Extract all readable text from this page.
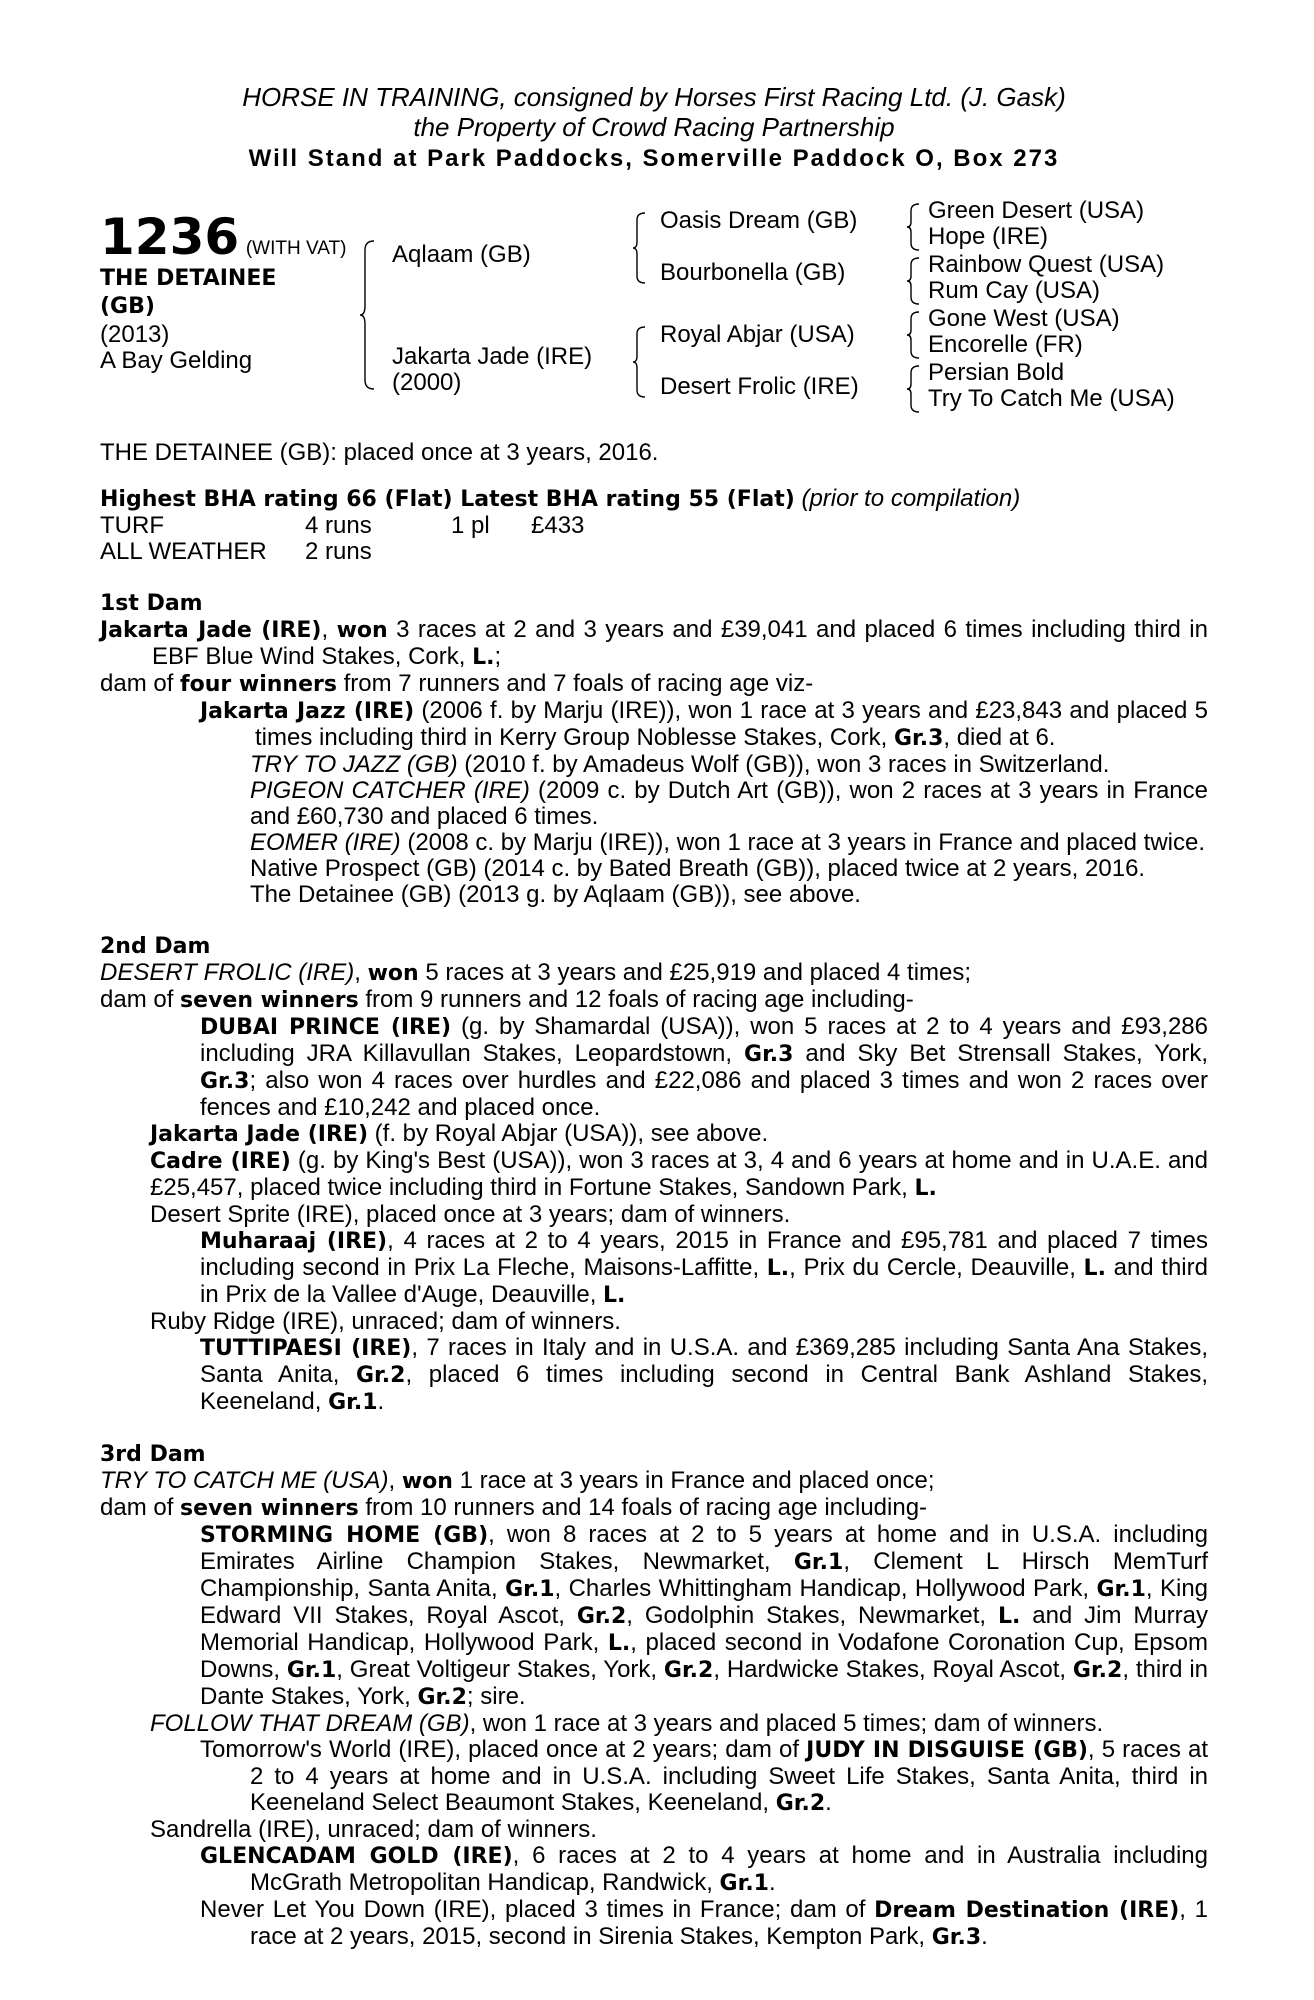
HORSE IN TRAINING, consigned by Horses First Racing Ltd. (J. Gask)
the Property of Crowd Racing Partnership
Will Stand at Park Paddocks, Somerville Paddock O, Box 273
1236 (WITH VAT)
THE DETAINEE
(GB)
(2013)
A Bay Gelding
Aqlaam (GB)
Jakarta Jade (IRE)
(2000)
Oasis Dream (GB)
Bourbonella (GB)
Royal Abjar (USA)
Desert Frolic (IRE)
Green Desert (USA)
Hope (IRE)
Rainbow Quest (USA)
Rum Cay (USA)
Gone West (USA)
Encorelle (FR)
Persian Bold
Try To Catch Me (USA)
THE DETAINEE (GB): placed once at 3 years, 2016.
Highest BHA rating 66 (Flat) Latest BHA rating 55 (Flat) (prior to compilation)
TURF	4 runs	1 pl	£433
ALL WEATHER	2 runs		
1st Dam
Jakarta Jade (IRE), won 3 races at 2 and 3 years and £39,041 and placed 6 times including third in EBF Blue Wind Stakes, Cork, L.;
dam of four winners from 7 runners and 7 foals of racing age viz-
Jakarta Jazz (IRE) (2006 f. by Marju (IRE)), won 1 race at 3 years and £23,843 and placed 5 times including third in Kerry Group Noblesse Stakes, Cork, Gr.3, died at 6.
TRY TO JAZZ (GB) (2010 f. by Amadeus Wolf (GB)), won 3 races in Switzerland.
PIGEON CATCHER (IRE) (2009 c. by Dutch Art (GB)), won 2 races at 3 years in France and £60,730 and placed 6 times.
EOMER (IRE) (2008 c. by Marju (IRE)), won 1 race at 3 years in France and placed twice.
Native Prospect (GB) (2014 c. by Bated Breath (GB)), placed twice at 2 years, 2016.
The Detainee (GB) (2013 g. by Aqlaam (GB)), see above.
2nd Dam
DESERT FROLIC (IRE), won 5 races at 3 years and £25,919 and placed 4 times;
dam of seven winners from 9 runners and 12 foals of racing age including-
DUBAI PRINCE (IRE) (g. by Shamardal (USA)), won 5 races at 2 to 4 years and £93,286 including JRA Killavullan Stakes, Leopardstown, Gr.3 and Sky Bet Strensall Stakes, York, Gr.3; also won 4 races over hurdles and £22,086 and placed 3 times and won 2 races over fences and £10,242 and placed once.
Jakarta Jade (IRE) (f. by Royal Abjar (USA)), see above.
Cadre (IRE) (g. by King's Best (USA)), won 3 races at 3, 4 and 6 years at home and in U.A.E. and £25,457, placed twice including third in Fortune Stakes, Sandown Park, L.
Desert Sprite (IRE), placed once at 3 years; dam of winners.
Muharaaj (IRE), 4 races at 2 to 4 years, 2015 in France and £95,781 and placed 7 times including second in Prix La Fleche, Maisons-Laffitte, L., Prix du Cercle, Deauville, L. and third in Prix de la Vallee d'Auge, Deauville, L.
Ruby Ridge (IRE), unraced; dam of winners.
TUTTIPAESI (IRE), 7 races in Italy and in U.S.A. and £369,285 including Santa Ana Stakes, Santa Anita, Gr.2, placed 6 times including second in Central Bank Ashland Stakes, Keeneland, Gr.1.
3rd Dam
TRY TO CATCH ME (USA), won 1 race at 3 years in France and placed once;
dam of seven winners from 10 runners and 14 foals of racing age including-
STORMING HOME (GB), won 8 races at 2 to 5 years at home and in U.S.A. including Emirates Airline Champion Stakes, Newmarket, Gr.1, Clement L Hirsch MemTurf Championship, Santa Anita, Gr.1, Charles Whittingham Handicap, Hollywood Park, Gr.1, King Edward VII Stakes, Royal Ascot, Gr.2, Godolphin Stakes, Newmarket, L. and Jim Murray Memorial Handicap, Hollywood Park, L., placed second in Vodafone Coronation Cup, Epsom Downs, Gr.1, Great Voltigeur Stakes, York, Gr.2, Hardwicke Stakes, Royal Ascot, Gr.2, third in Dante Stakes, York, Gr.2; sire.
FOLLOW THAT DREAM (GB), won 1 race at 3 years and placed 5 times; dam of winners.
Tomorrow's World (IRE), placed once at 2 years; dam of JUDY IN DISGUISE (GB), 5 races at 2 to 4 years at home and in U.S.A. including Sweet Life Stakes, Santa Anita, third in Keeneland Select Beaumont Stakes, Keeneland, Gr.2.
Sandrella (IRE), unraced; dam of winners.
GLENCADAM GOLD (IRE), 6 races at 2 to 4 years at home and in Australia including McGrath Metropolitan Handicap, Randwick, Gr.1.
Never Let You Down (IRE), placed 3 times in France; dam of Dream Destination (IRE), 1 race at 2 years, 2015, second in Sirenia Stakes, Kempton Park, Gr.3.
